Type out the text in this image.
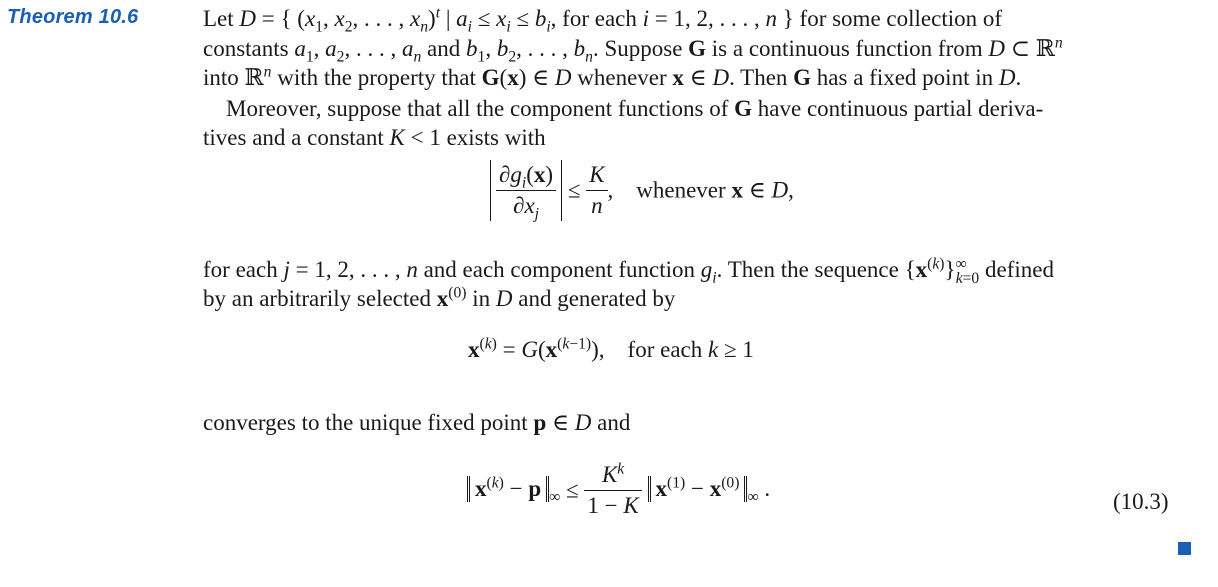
Theorem 10.6	Let D = { ($x_1$, $x_2$, . . . , $x_n)^t$ | $a_i \le x_i \le b_i$, for each i = 1, 2, . . . , n } for some collection of
constants $a_1$, $a_2$, . . . , $a_n$ and $b_1$, $b_2$, . . . , $b_n$. Suppose G is a continuous function from D ⊂ ℝ$^n$
into ℝ$^n$ with the property that G(x) ∈ D whenever x ∈ D. Then G has a fixed point in D.
Moreover, suppose that all the component functions of G have continuous partial deriva-
tives and a constant K < 1 exists with
$\frac{\partial g_i(x)}{\partial x_j} \le \frac{K}{n}$ ,    whenever x ∈ D,
for each j = 1, 2, . . . , n and each component function $g_i$. Then the sequence $\{x^{(k)}\}^\infty_{k=0}$ defined
by an arbitrarily selected $x^{(0)}$ in D and generated by
$x^{(k)} = G(x^{(k-1)})$,    for each k ≥ 1
converges to the unique fixed point p ∈ D and
$x^{(k)} - p$ $_\infty \le \frac{K^k}{1 - K} x^{(1)} - x^{(0)}_\infty$ .
(10.3)
